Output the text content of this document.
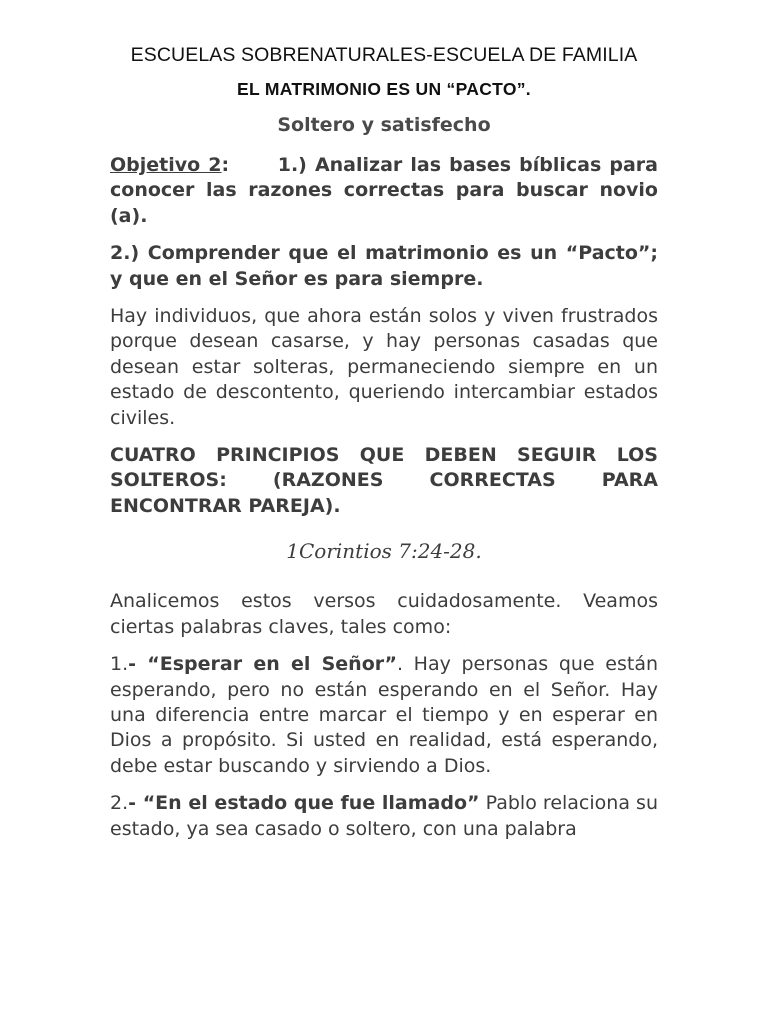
ESCUELAS SOBRENATURALES-ESCUELA DE FAMILIA
EL MATRIMONIO ES UN “PACTO”.
Soltero y satisfecho

Objetivo 2:	1.) Analizar las bases bíblicas para conocer las razones correctas para buscar novio (a).

2.) Comprender que el matrimonio es un “Pacto”; y que en el Señor es para siempre.

Hay individuos, que ahora están solos y viven frustrados porque desean casarse, y hay personas casadas que desean estar solteras, permaneciendo siempre en un estado de descontento, queriendo intercambiar estados civiles.

CUATRO PRINCIPIOS QUE DEBEN SEGUIR LOS SOLTEROS: (RAZONES CORRECTAS PARA ENCONTRAR PAREJA).

1Corintios 7:24-28.

Analicemos estos versos cuidadosamente. Veamos ciertas palabras claves, tales como:

1.- “Esperar en el Señor”. Hay personas que están esperando, pero no están esperando en el Señor. Hay una diferencia entre marcar el tiempo y en esperar en Dios a propósito. Si usted en realidad, está esperando, debe estar buscando y sirviendo a Dios.

2.- “En el estado que fue llamado” Pablo relaciona su estado, ya sea casado o soltero, con una palabra
